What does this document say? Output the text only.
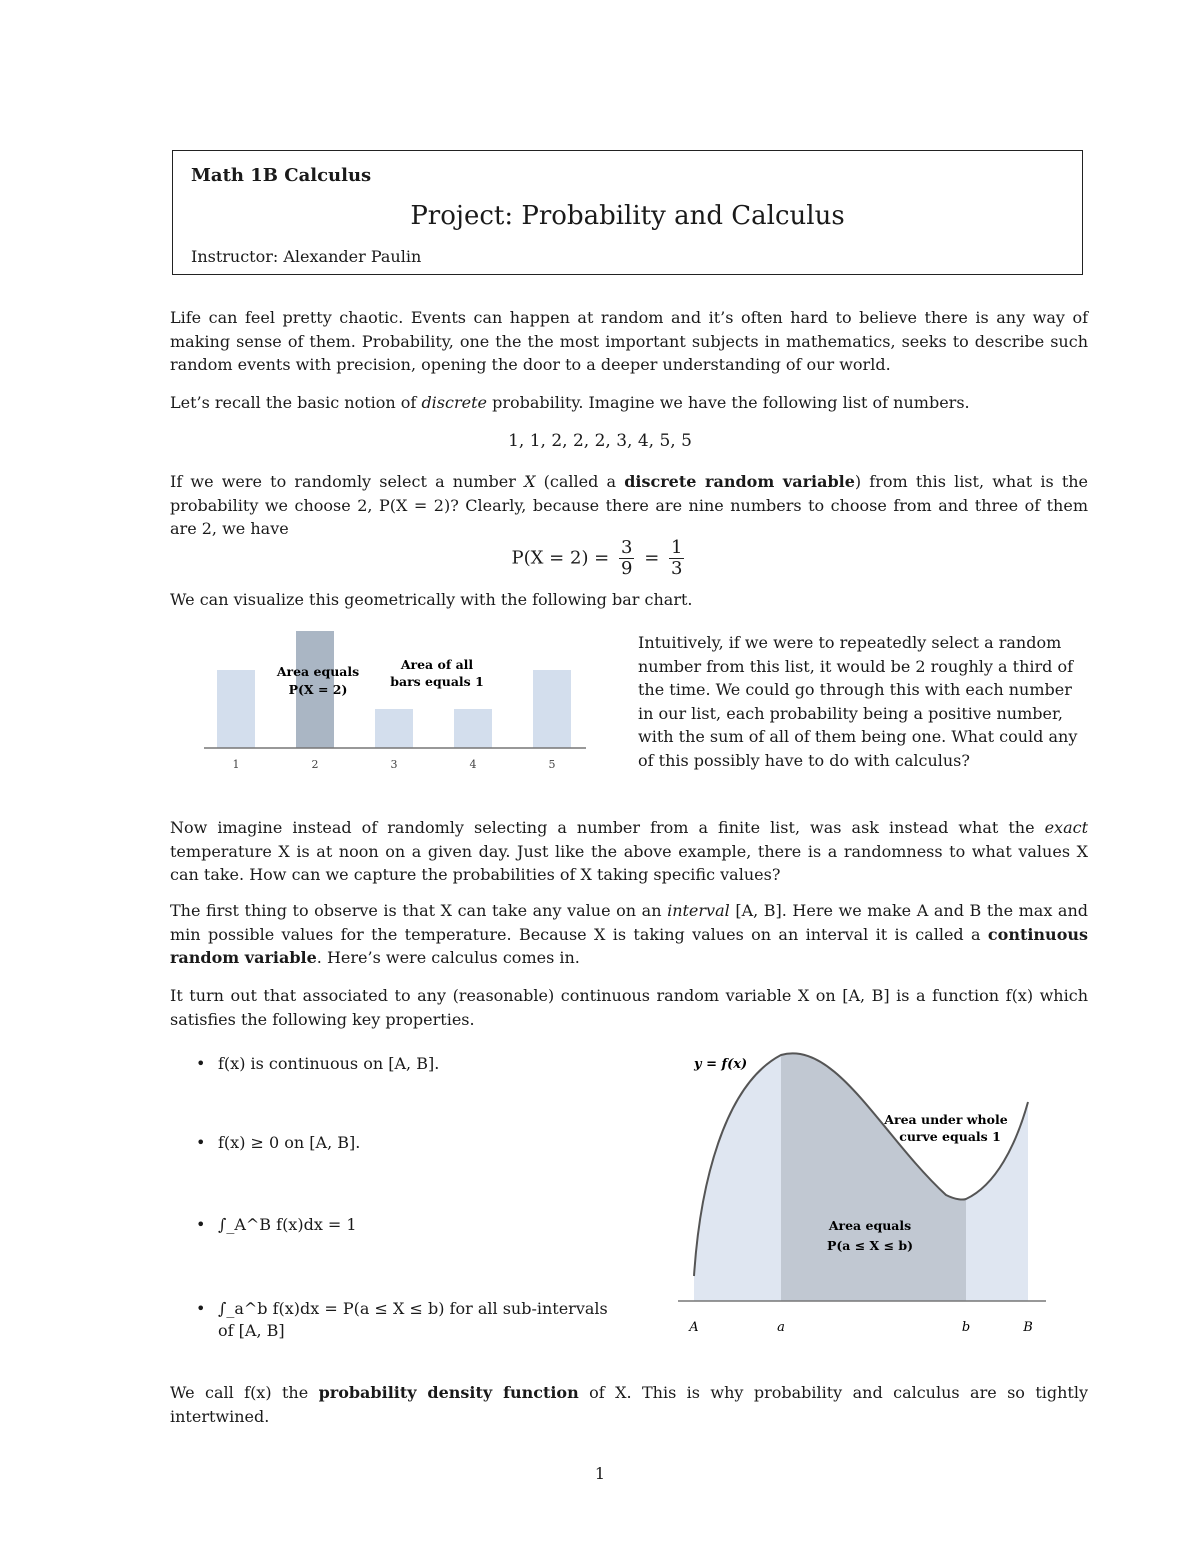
Math 1B Calculus
Project: Probability and Calculus
Instructor: Alexander Paulin

Life can feel pretty chaotic. Events can happen at random and it’s often hard to believe there is any way of making sense of them. Probability, one the the most important subjects in mathematics, seeks to describe such random events with precision, opening the door to a deeper understanding of our world.

Let’s recall the basic notion of discrete probability. Imagine we have the following list of numbers.

1, 1, 2, 2, 2, 3, 4, 5, 5

If we were to randomly select a number X (called a discrete random variable) from this list, what is the probability we choose 2, P(X = 2)? Clearly, because there are nine numbers to choose from and three of them are 2, we have

$P(X = 2) = \frac{3}{9} = \frac{1}{3}$

We can visualize this geometrically with the following bar chart.

1	2	3	4	5
Area equals
P(X = 2)
Area of all
bars equals 1

Intuitively, if we were to repeatedly select a random number from this list, it would be 2 roughly a third of the time. We could go through this with each number in our list, each probability being a positive number, with the sum of all of them being one. What could any of this possibly have to do with calculus?

Now imagine instead of randomly selecting a number from a finite list, was ask instead what the exact temperature X is at noon on a given day. Just like the above example, there is a randomness to what values X can take. How can we capture the probabilities of X taking specific values?

The first thing to observe is that X can take any value on an interval [A, B]. Here we make A and B the max and min possible values for the temperature. Because X is taking values on an interval it is called a continuous random variable. Here’s were calculus comes in.

It turn out that associated to any (reasonable) continuous random variable X on [A, B] is a function f(x) which satisfies the following key properties.

• f(x) is continuous on [A, B].
• f(x) ≥ 0 on [A, B].
• ∫_A^B f(x)dx = 1
• ∫_a^b f(x)dx = P(a ≤ X ≤ b) for all sub-intervals of [A, B]
y = f(x)
Area under whole
curve equals 1
Area equals
P(a ≤ X ≤ b)
A	a	b	B

We call f(x) the probability density function of X. This is why probability and calculus are so tightly intertwined.

1
